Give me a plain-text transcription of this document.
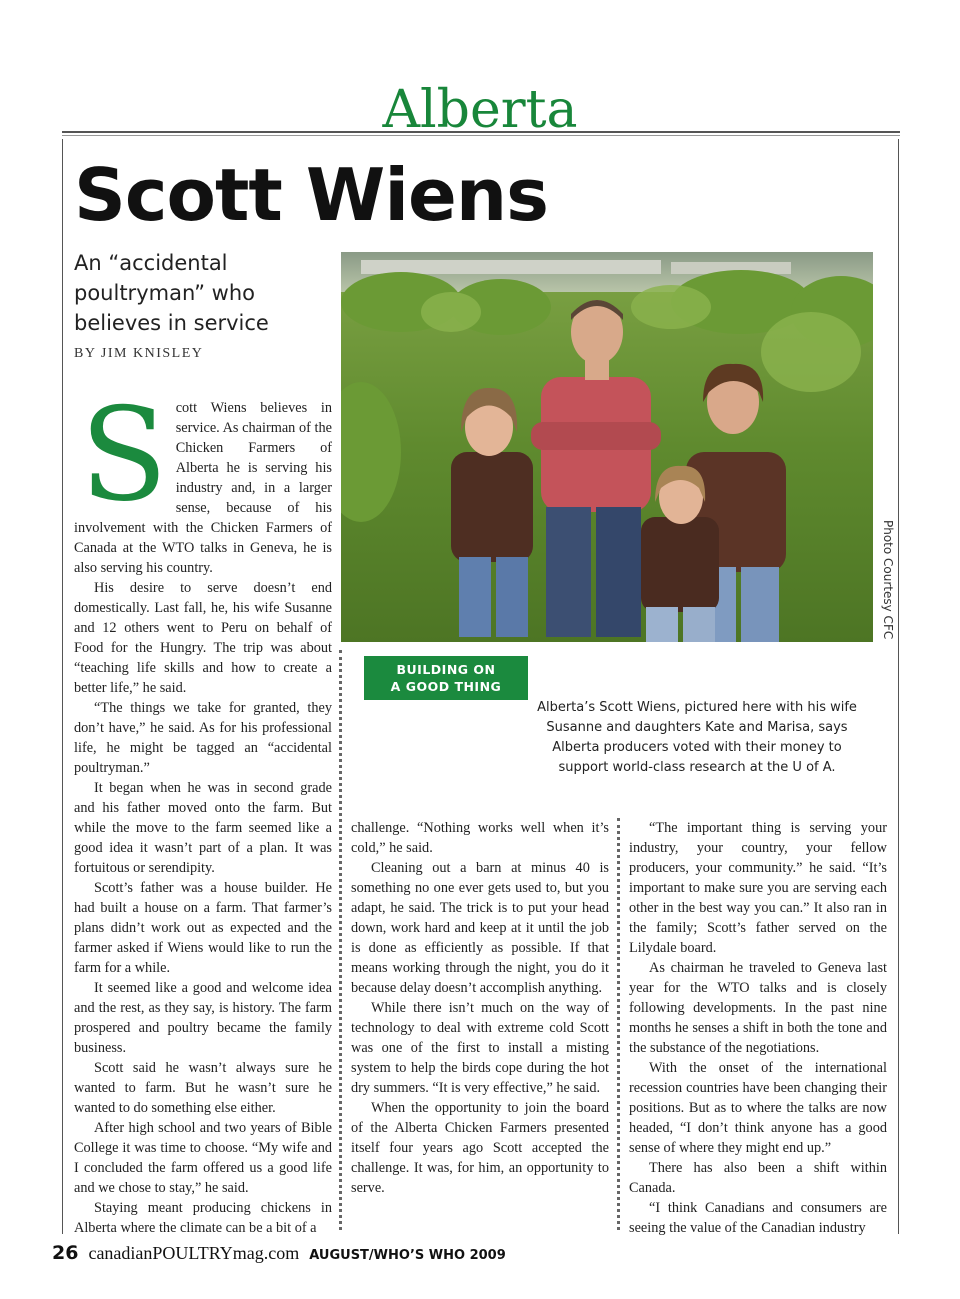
Alberta
Scott Wiens
An “accidental poultryman” who believes in service
BY JIM KNISLEY
Photo Courtesy CFC
BUILDING ON
A GOOD THING
Alberta’s Scott Wiens, pictured here with his wife Susanne and daughters Kate and Marisa, says Alberta producers voted with their money to support world-class research at the U of A.
S cott Wiens believes in service. As chairman of the Chicken Farmers of Alberta he is serving his industry and, in a larger sense, because of his involvement with the Chicken Farmers of Canada at the WTO talks in Geneva, he is also serving his country.

His desire to serve doesn’t end domestically. Last fall, he, his wife Susanne and 12 others went to Peru on behalf of Food for the Hungry. The trip was about “teaching life skills and how to create a better life,” he said.

“The things we take for granted, they don’t have,” he said. As for his professional life, he might be tagged an “accidental poultryman.”

It began when he was in second grade and his father moved onto the farm. But while the move to the farm seemed like a good idea it wasn’t part of a plan. It was fortuitous or serendipity.

Scott’s father was a house builder. He had built a house on a farm. That farmer’s plans didn’t work out as expected and the farmer asked if Wiens would like to run the farm for a while.

It seemed like a good and welcome idea and the rest, as they say, is history. The farm prospered and poultry became the family business.

Scott said he wasn’t always sure he wanted to farm. But he wasn’t sure he wanted to do something else either.

After high school and two years of Bible College it was time to choose. “My wife and I concluded the farm offered us a good life and we chose to stay,” he said.

Staying meant producing chickens in Alberta where the climate can be a bit of a

challenge. “Nothing works well when it’s cold,” he said.

Cleaning out a barn at minus 40 is something no one ever gets used to, but you adapt, he said. The trick is to put your head down, work hard and keep at it until the job is done as efficiently as possible. If that means working through the night, you do it because delay doesn’t accomplish anything.

While there isn’t much on the way of technology to deal with extreme cold Scott was one of the first to install a misting system to help the birds cope during the hot dry summers. “It is very effective,” he said.

When the opportunity to join the board of the Alberta Chicken Farmers presented itself four years ago Scott accepted the challenge. It was, for him, an opportunity to serve.

“The important thing is serving your industry, your country, your fellow producers, your community.” he said. “It’s important to make sure you are serving each other in the best way you can.” It also ran in the family; Scott’s father served on the Lilydale board.

As chairman he traveled to Geneva last year for the WTO talks and is closely following developments. In the past nine months he senses a shift in both the tone and the substance of the negotiations.

With the onset of the international recession countries have been changing their positions. But as to where the talks are now headed, “I don’t think anyone has a good sense of where they might end up.”

There has also been a shift within Canada.

“I think Canadians and consumers are seeing the value of the Canadian industry

26 canadianPOULTRYmag.com AUGUST/WHO’S WHO 2009
